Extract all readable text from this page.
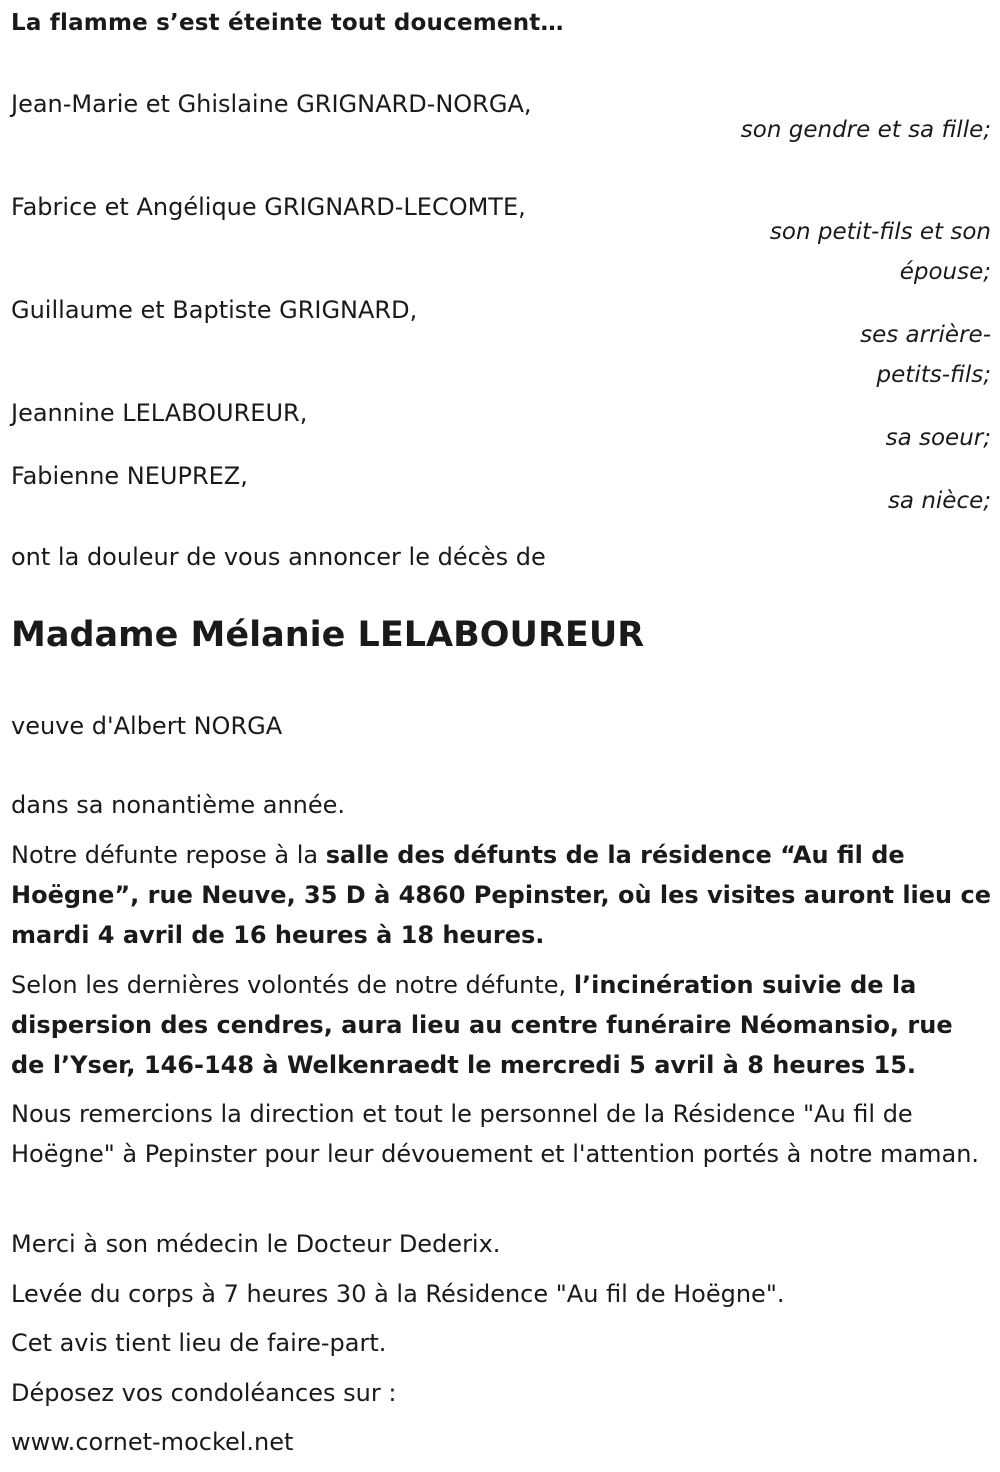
La flamme s’est éteinte tout doucement…

Jean-Marie et Ghislaine GRIGNARD-NORGA,

son gendre et sa fille;

Fabrice et Angélique GRIGNARD-LECOMTE,

son petit-fils et son épouse;

Guillaume et Baptiste GRIGNARD,

ses arrière-petits-fils;

Jeannine LELABOUREUR,

sa soeur;

Fabienne NEUPREZ,

sa nièce;

ont la douleur de vous annoncer le décès de

Madame Mélanie LELABOUREUR

veuve d'Albert NORGA

dans sa nonantième année.

Notre défunte repose à la salle des défunts de la résidence “Au fil de Hoëgne”, rue Neuve, 35 D à 4860 Pepinster, où les visites auront lieu ce mardi 4 avril de 16 heures à 18 heures.

Selon les dernières volontés de notre défunte, l’incinération suivie de la dispersion des cendres, aura lieu au centre funéraire Néomansio, rue de l’Yser, 146-148 à Welkenraedt le mercredi 5 avril à 8 heures 15.

Nous remercions la direction et tout le personnel de la Résidence "Au fil de Hoëgne" à Pepinster pour leur dévouement et l'attention portés à notre maman.

Merci à son médecin le Docteur Dederix.

Levée du corps à 7 heures 30 à la Résidence "Au fil de Hoëgne".

Cet avis tient lieu de faire-part.

Déposez vos condoléances sur :

www.cornet-mockel.net
